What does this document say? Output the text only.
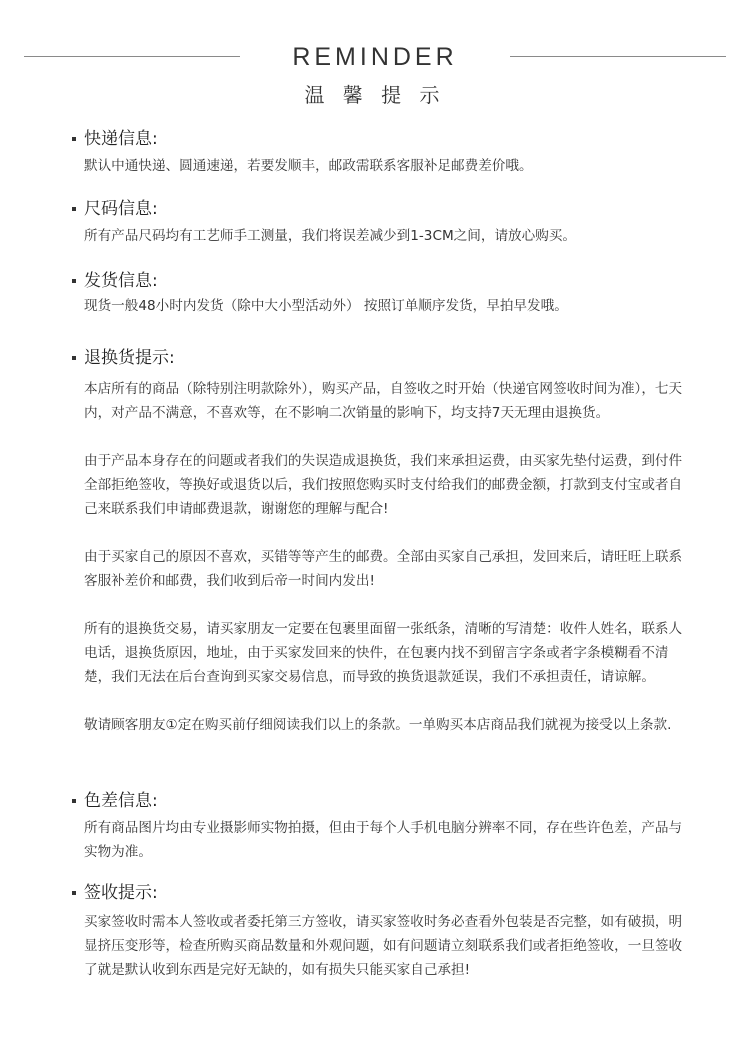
REMINDER
温 馨 提 示
快递信息:

默认中通快递、圆通速递，若要发顺丰，邮政需联系客服补足邮费差价哦。

尺码信息:

所有产品尺码均有工艺师手工测量，我们将误差减少到1-3CM之间，请放心购买。

发货信息:

现货一般48小时内发货（除中大小型活动外） 按照订单顺序发货，早拍早发哦。

退换货提示:

本店所有的商品（除特别注明款除外），购买产品，自签收之时开始（快递官网签收时间为准），七天内，对产品不满意，不喜欢等，在不影响二次销量的影响下，均支持7天无理由退换货。

由于产品本身存在的问题或者我们的失误造成退换货，我们来承担运费，由买家先垫付运费，到付件全部拒绝签收，等换好或退货以后，我们按照您购买时支付给我们的邮费金额，打款到支付宝或者自己来联系我们申请邮费退款，谢谢您的理解与配合!

由于买家自己的原因不喜欢，买错等等产生的邮费。全部由买家自己承担，发回来后，请旺旺上联系客服补差价和邮费，我们收到后帝一时间内发出!

所有的退换货交易，请买家朋友一定要在包裹里面留一张纸条，清晰的写清楚：收件人姓名，联系人电话，退换货原因，地址，由于买家发回来的快件，在包裹内找不到留言字条或者字条模糊看不清楚，我们无法在后台查询到买家交易信息，而导致的换货退款延误，我们不承担责任，请谅解。

敬请顾客朋友①定在购买前仔细阅读我们以上的条款。一单购买本店商品我们就视为接受以上条款.

色差信息:

所有商品图片均由专业摄影师实物拍摄，但由于每个人手机电脑分辨率不同，存在些许色差，产品与实物为准。

签收提示:

买家签收时需本人签收或者委托第三方签收，请买家签收时务必查看外包装是否完整，如有破损，明显挤压变形等，检查所购买商品数量和外观问题，如有问题请立刻联系我们或者拒绝签收，一旦签收了就是默认收到东西是完好无缺的，如有损失只能买家自己承担!
